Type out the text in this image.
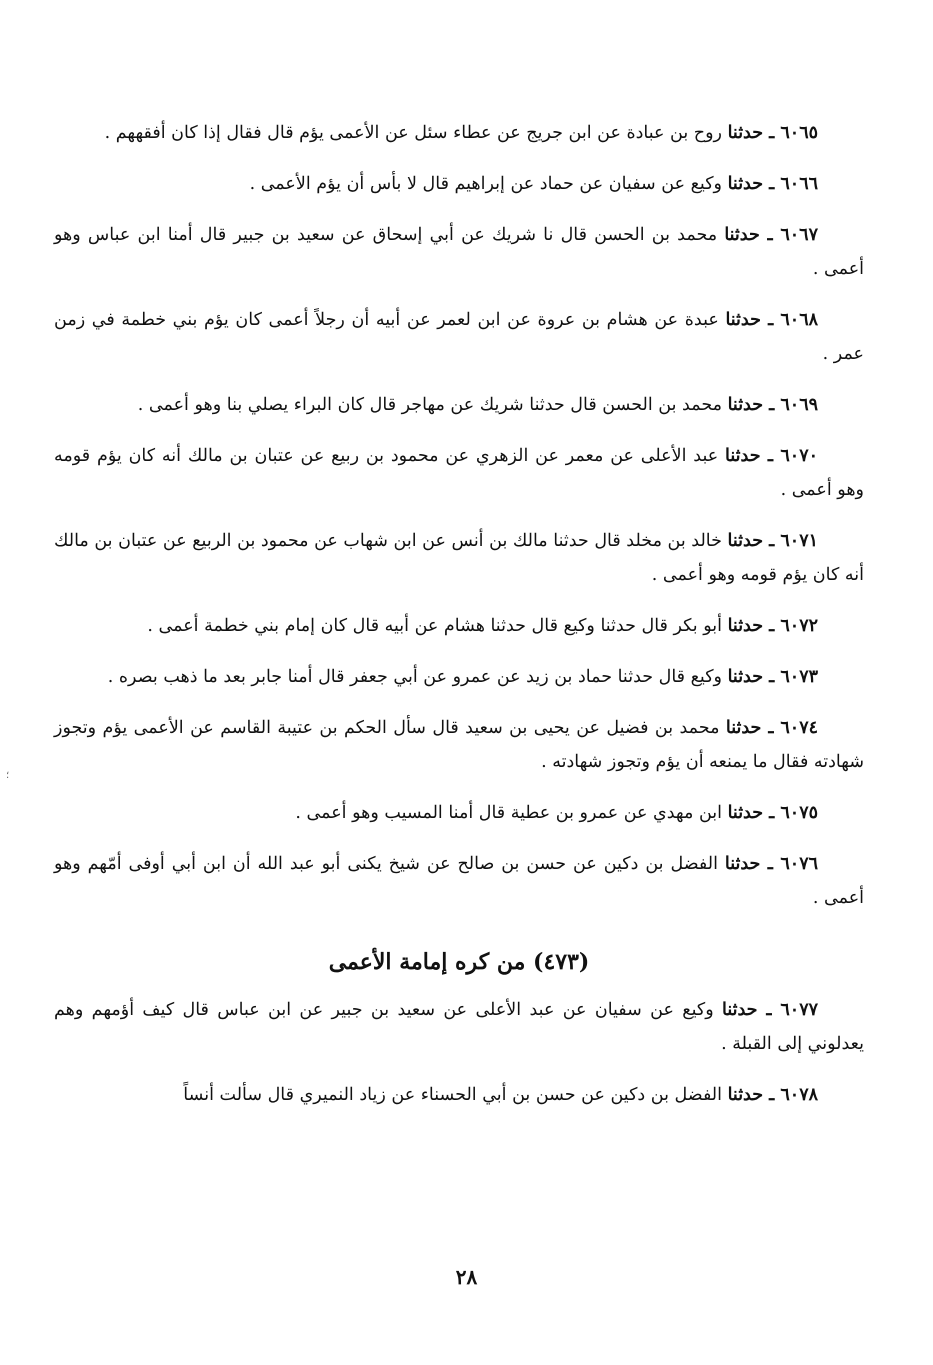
٦٠٦٥ ـ حدثنا روح بن عبادة عن ابن جريج عن عطاء سئل عن الأعمى يؤم قال فقال إذا كان أفقههم .

٦٠٦٦ ـ حدثنا وكيع عن سفيان عن حماد عن إبراهيم قال لا بأس أن يؤم الأعمى .

٦٠٦٧ ـ حدثنا محمد بن الحسن قال نا شريك عن أبي إسحاق عن سعيد بن جبير قال أمنا ابن عباس وهو أعمى .

٦٠٦٨ ـ حدثنا عبدة عن هشام بن عروة عن ابن لعمر عن أبيه أن رجلاً أعمى كان يؤم بني خطمة في زمن عمر .

٦٠٦٩ ـ حدثنا محمد بن الحسن قال حدثنا شريك عن مهاجر قال كان البراء يصلي بنا وهو أعمى .

٦٠٧٠ ـ حدثنا عبد الأعلى عن معمر عن الزهري عن محمود بن ربيع عن عتبان بن مالك أنه كان يؤم قومه وهو أعمى .

٦٠٧١ ـ حدثنا خالد بن مخلد قال حدثنا مالك بن أنس عن ابن شهاب عن محمود بن الربيع عن عتبان بن مالك أنه كان يؤم قومه وهو أعمى .

٦٠٧٢ ـ حدثنا أبو بكر قال حدثنا وكيع قال حدثنا هشام عن أبيه قال كان إمام بني خطمة أعمى .

٦٠٧٣ ـ حدثنا وكيع قال حدثنا حماد بن زيد عن عمرو عن أبي جعفر قال أمنا جابر بعد ما ذهب بصره .

٦٠٧٤ ـ حدثنا محمد بن فضيل عن يحيى بن سعيد قال سأل الحكم بن عتيبة القاسم عن الأعمى يؤم وتجوز شهادته فقال ما يمنعه أن يؤم وتجوز شهادته .

٦٠٧٥ ـ حدثنا ابن مهدي عن عمرو بن عطية قال أمنا المسيب وهو أعمى .

٦٠٧٦ ـ حدثنا الفضل بن دكين عن حسن بن صالح عن شيخ يكنى أبو عبد الله أن ابن أبي أوفى أمّهم وهو أعمى .

(٤٧٣) من كره إمامة الأعمى

٦٠٧٧ ـ حدثنا وكيع عن سفيان عن عبد الأعلى عن سعيد بن جبير عن ابن عباس قال كيف أؤمهم وهم يعدلوني إلى القبلة .

٦٠٧٨ ـ حدثنا الفضل بن دكين عن حسن بن أبي الحسناء عن زياد النميري قال سألت أنساً

٢٨
؛
